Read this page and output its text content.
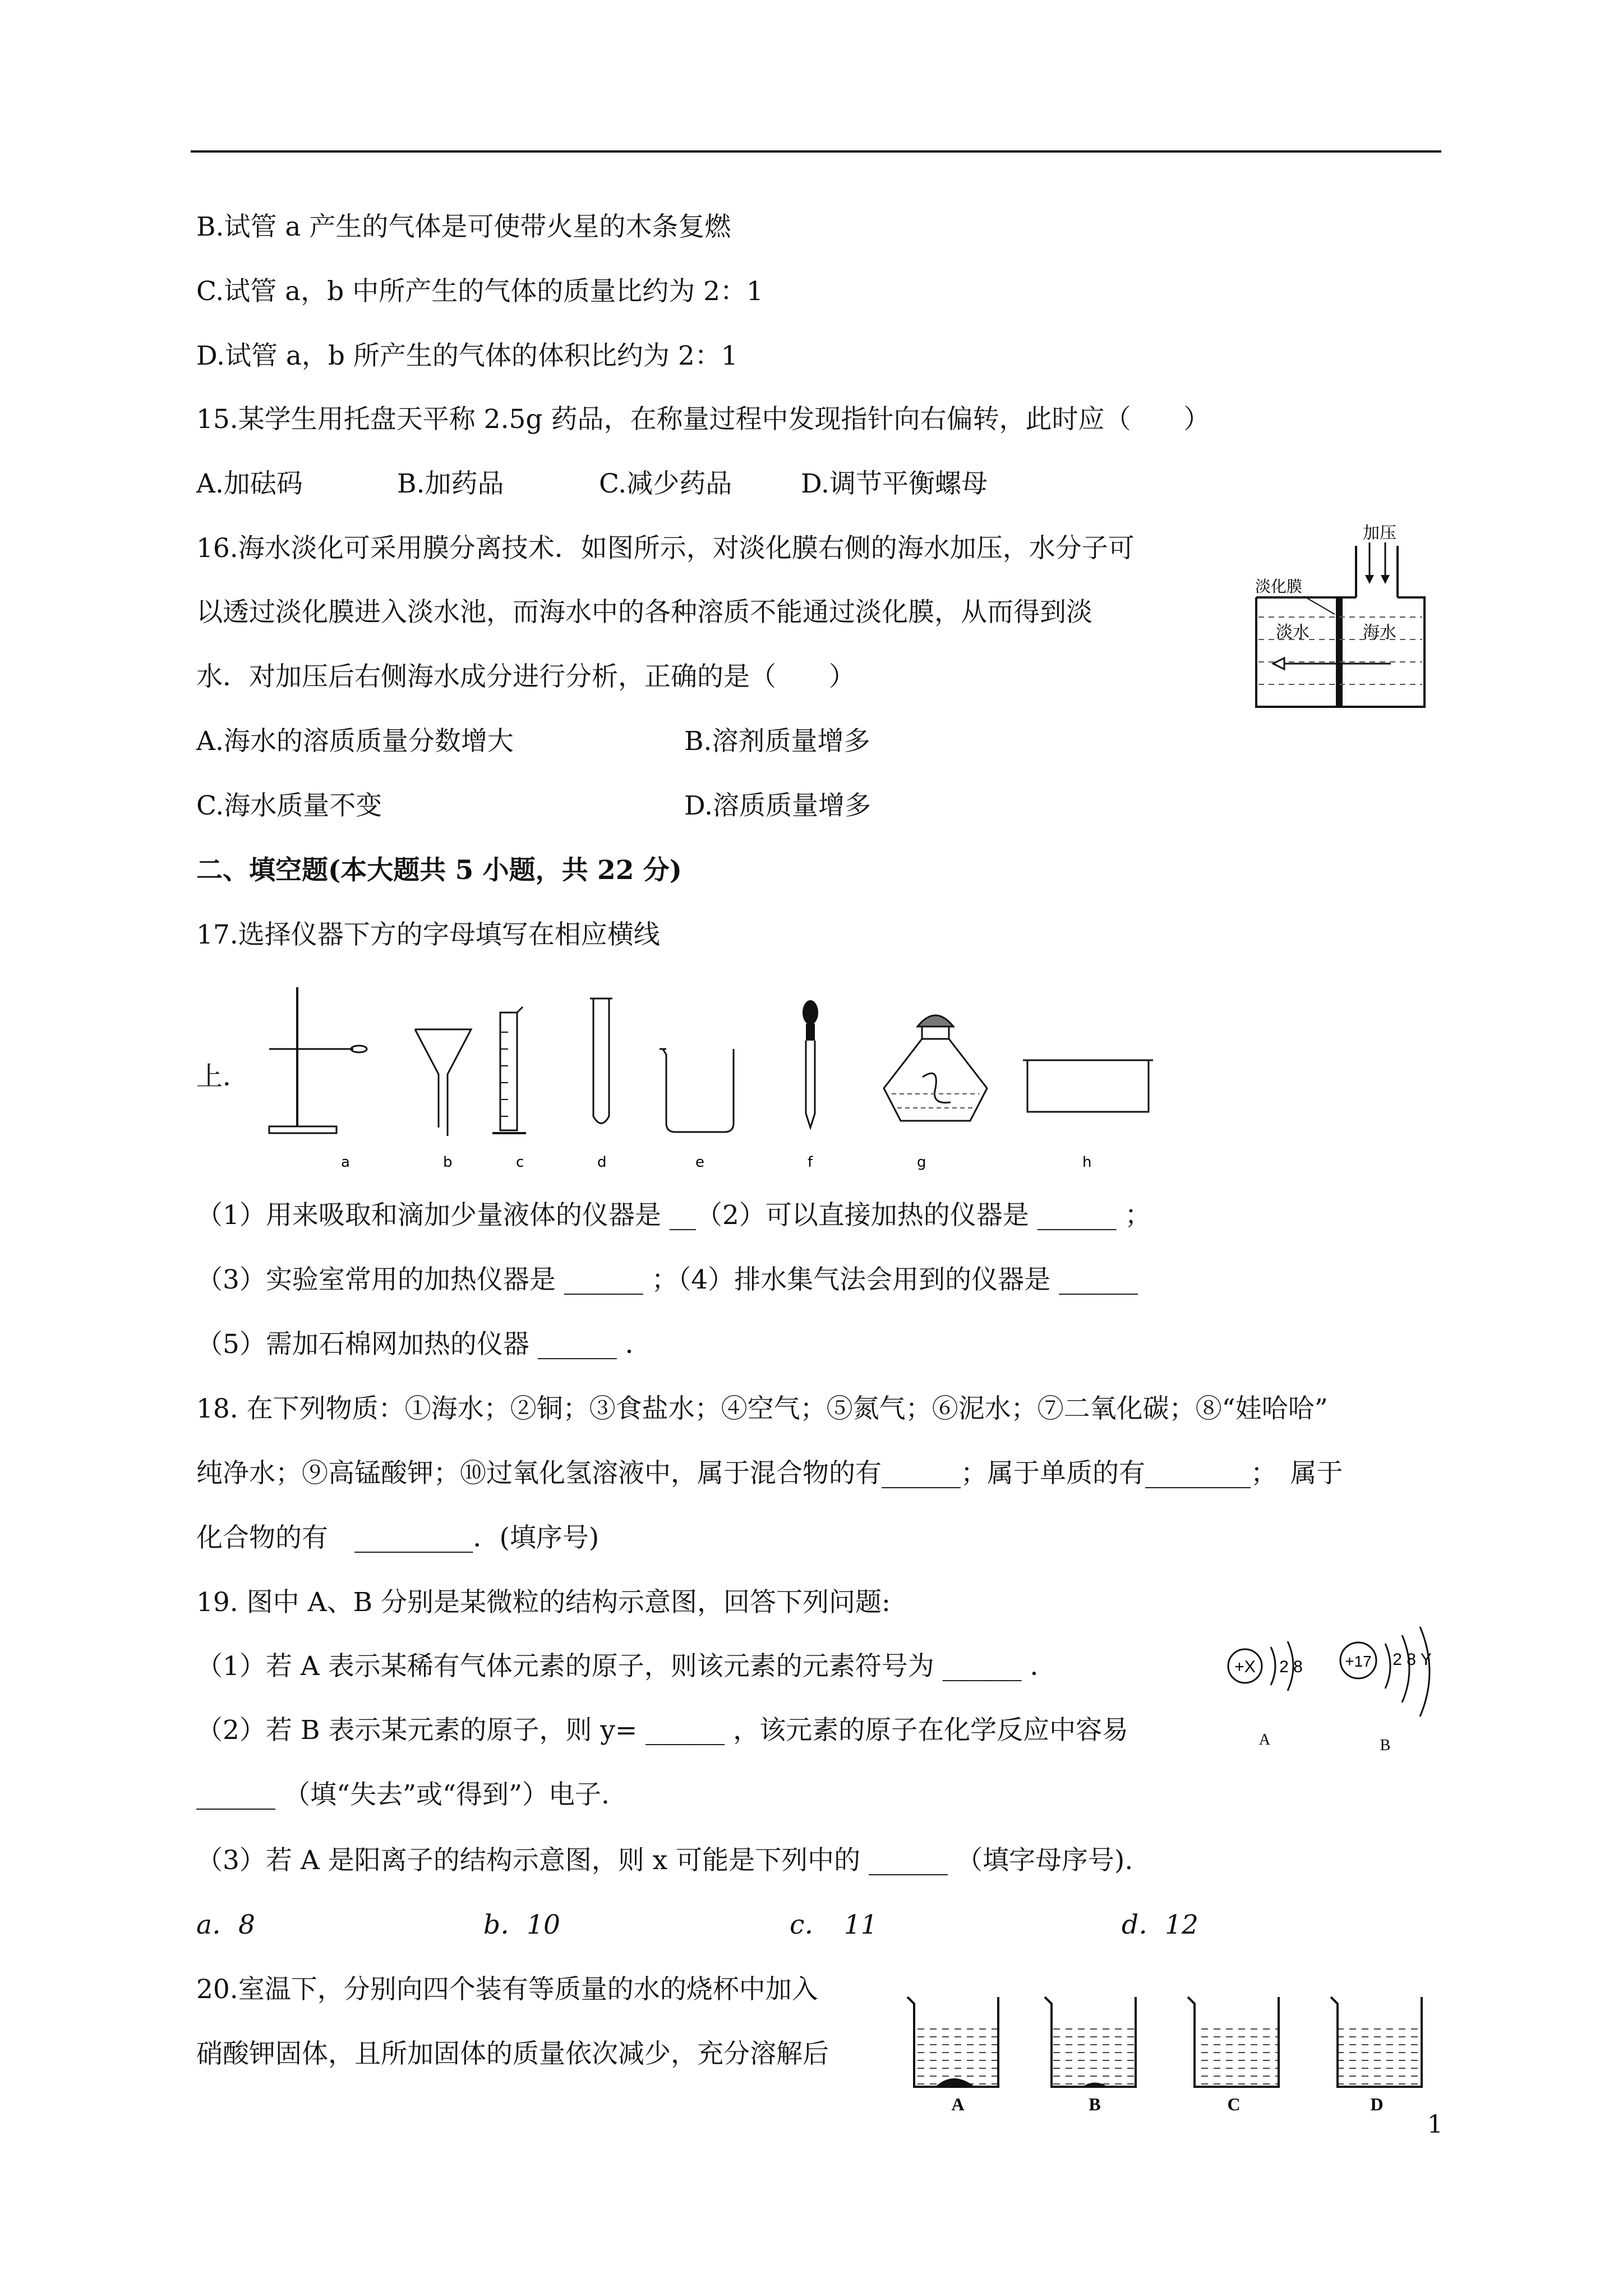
B.试管 a 产生的气体是可使带火星的木条复燃
C.试管 a，b 中所产生的气体的质量比约为 2：1
D.试管 a，b 所产生的气体的体积比约为 2：1
15.某学生用托盘天平称 2.5g 药品，在称量过程中发现指针向右偏转，此时应（　　）
A.加砝码	B.加药品	C.减少药品	D.调节平衡螺母
16.海水淡化可采用膜分离技术．如图所示，对淡化膜右侧的海水加压，水分子可
以透过淡化膜进入淡水池，而海水中的各种溶质不能通过淡化膜，从而得到淡
水．对加压后右侧海水成分进行分析，正确的是（　　）
A.海水的溶质质量分数增大	B.溶剂质量增多
C.海水质量不变	D.溶质质量增多
加压
淡化膜
淡水	海水
二、填空题(本大题共 5 小题，共 22 分)
17.选择仪器下方的字母填写在相应横线
上．
a	b	c	d	e	f	g	h
（1）用来吸取和滴加少量液体的仪器是 __（2）可以直接加热的仪器是 ______ ；
（3）实验室常用的加热仪器是 ______ ；（4）排水集气法会用到的仪器是 ______
（5）需加石棉网加热的仪器 ______ ．
18. 在下列物质：①海水；②铜；③食盐水；④空气；⑤氮气；⑥泥水；⑦二氧化碳；⑧“娃哈哈”
纯净水；⑨高锰酸钾；⑩过氧化氢溶液中，属于混合物的有______；属于单质的有________；　属于
化合物的有　_________．(填序号)
19. 图中 A、B 分别是某微粒的结构示意图，回答下列问题:
（1）若 A 表示某稀有气体元素的原子，则该元素的元素符号为 ______ ．
（2）若 B 表示某元素的原子，则 y= ______ ，该元素的原子在化学反应中容易
______ （填“失去”或“得到”）电子.
（3）若 A 是阳离子的结构示意图，则 x 可能是下列中的 ______ （填字母序号).
a．8	b．10	c．　11	d．12
+X 2 8
A
+17 2 8 Y
B
20.室温下，分别向四个装有等质量的水的烧杯中加入
硝酸钾固体，且所加固体的质量依次减少，充分溶解后
A	B	C	D
1
